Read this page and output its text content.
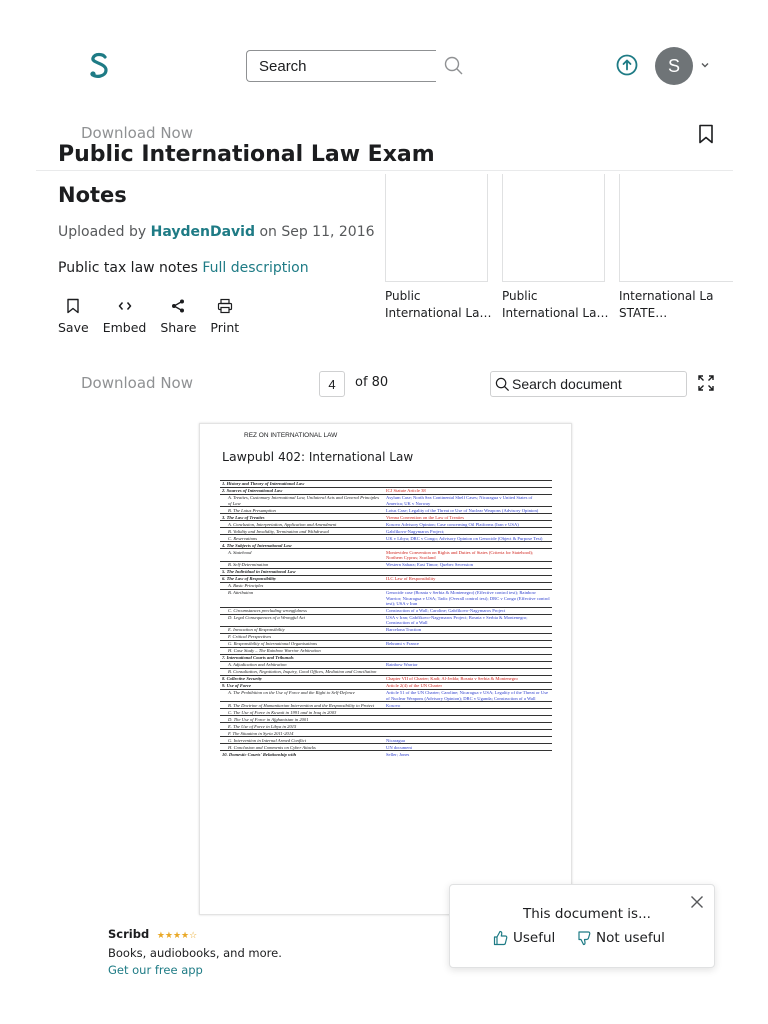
Search
S
Download Now
Public
International La…
Public
International La…
International La
STATE…
Public International Law Exam
Notes
Uploaded by HaydenDavid on Sep 11, 2016
Public tax law notes Full description
Save Embed Share Print
Download Now	4	of 80	Search document
REZ ON INTERNATIONAL LAW
Lawpubl 402: International Law
1. History and Theory of International Law	
2. Sources of International Law	ICJ Statute Article 38
A. Treaties, Customary International Law, Unilateral Acts and General Principles of Law	Asylum Case; North Sea Continental Shelf Cases; Nicaragua v United States of America; UK v Norway
B. The Lotus Presumption	Lotus Case; Legality of the Threat or Use of Nuclear Weapons (Advisory Opinion)
3. The Law of Treaties	Vienna Convention on the Law of Treaties
A. Conclusion, Interpretation, Application and Amendment	Kosovo Advisory Opinion; Case concerning Oil Platforms (Iran v USA)
B. Validity and Invalidity, Termination and Withdrawal	Gabčíkovo-Nagymaros Project;
C. Reservations	UK v Libya; DRC v Congo; Advisory Opinion on Genocide (Object & Purpose Test)
4. The Subjects of International Law	
A. Statehood	Montevideo Convention on Rights and Duties of States (Criteria for Statehood); Northern Cyprus; Scotland
B. Self-Determination	Western Sahara; East Timor; Quebec Secession
5. The Individual in International Law	
6. The Law of Responsibility	ILC Law of Responsibility
A. Basic Principles	
B. Attribution	Genocide case (Bosnia v Serbia & Montenegro) (Effective control test); Rainbow Warrior; Nicaragua v USA; Tadic (Overall control test); DRC v Congo (Effective control test); USA v Iran
C. Circumstances precluding wrongfulness	Construction of a Wall; Caroline; Gabčíkovo-Nagymaros Project
D. Legal Consequences of a Wrongful Act	USA v Iran; Gabčíkovo-Nagymaros Project; Bosnia v Serbia & Montenegro; Construction of a Wall
E. Invocation of Responsibility	Barcelona Traction
F. Critical Perspectives	
G. Responsibility of International Organisations	Behrami v France
H. Case Study – The Rainbow Warrior Arbitration	
7. International Courts and Tribunals	
A. Adjudication and Arbitration	Rainbow Warrior
B. Consultation, Negotiation, Inquiry, Good Offices, Mediation and Conciliation	
8. Collective Security	Chapter VII of Charter; Kadi; Al-Jedda; Bosnia v Serbia & Montenegro
9. Use of Force	Article 2(4) of the UN Charter
A. The Prohibition on the Use of Force and the Right to Self-Defence	Article 51 of the UN Charter; Caroline; Nicaragua v USA; Legality of the Threat or Use of Nuclear Weapons (Advisory Opinion); DRC v Uganda; Construction of a Wall
B. The Doctrine of Humanitarian Intervention and the Responsibility to Protect	Kosovo
C. The Use of Force in Kuwait in 1991 and in Iraq in 2003	
D. The Use of Force in Afghanistan in 2001	
E. The Use of Force in Libya in 2015	
F. The Situation in Syria 2011-2014	
G. Intervention in Internal Armed Conflict	Nicaragua
H. Conclusion and Comments on Cyber Attacks	UN document
10. Domestic Courts' Relationship with	Seller; Jones
Scribd ★★★★☆
Books, audiobooks, and more.
Get our free app
This document is...
Useful	Not useful
